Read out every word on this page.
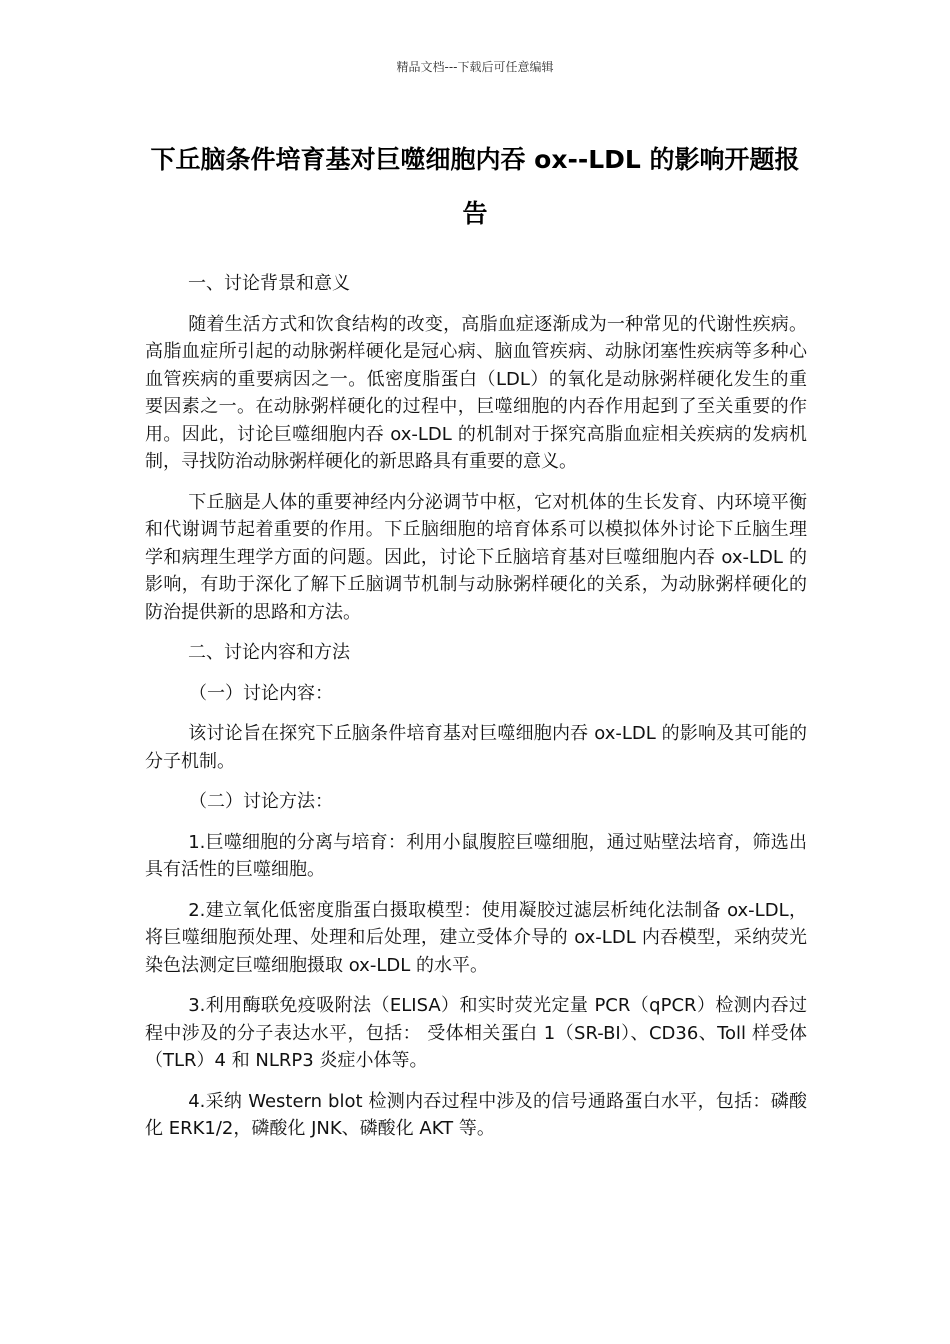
精品文档---下载后可任意编辑
下丘脑条件培育基对巨噬细胞内吞 ox--LDL 的影响开题报告
一、讨论背景和意义

随着生活方式和饮食结构的改变，高脂血症逐渐成为一种常见的代谢性疾病。高脂血症所引起的动脉粥样硬化是冠心病、脑血管疾病、动脉闭塞性疾病等多种心血管疾病的重要病因之一。低密度脂蛋白（LDL）的氧化是动脉粥样硬化发生的重要因素之一。在动脉粥样硬化的过程中，巨噬细胞的内吞作用起到了至关重要的作用。因此，讨论巨噬细胞内吞 ox-LDL 的机制对于探究高脂血症相关疾病的发病机制，寻找防治动脉粥样硬化的新思路具有重要的意义。

下丘脑是人体的重要神经内分泌调节中枢，它对机体的生长发育、内环境平衡和代谢调节起着重要的作用。下丘脑细胞的培育体系可以模拟体外讨论下丘脑生理学和病理生理学方面的问题。因此，讨论下丘脑培育基对巨噬细胞内吞 ox-LDL 的影响，有助于深化了解下丘脑调节机制与动脉粥样硬化的关系，为动脉粥样硬化的防治提供新的思路和方法。

二、讨论内容和方法
（一）讨论内容：

该讨论旨在探究下丘脑条件培育基对巨噬细胞内吞 ox-LDL 的影响及其可能的分子机制。

（二）讨论方法：

1.巨噬细胞的分离与培育：利用小鼠腹腔巨噬细胞，通过贴壁法培育，筛选出具有活性的巨噬细胞。

2.建立氧化低密度脂蛋白摄取模型：使用凝胶过滤层析纯化法制备 ox-LDL，将巨噬细胞预处理、处理和后处理，建立受体介导的 ox-LDL 内吞模型，采纳荧光染色法测定巨噬细胞摄取 ox-LDL 的水平。

3.利用酶联免疫吸附法（ELISA）和实时荧光定量 PCR（qPCR）检测内吞过程中涉及的分子表达水平，包括： 受体相关蛋白 1（SR-BI）、CD36、Toll 样受体（TLR）4 和 NLRP3 炎症小体等。

4.采纳 Western blot 检测内吞过程中涉及的信号通路蛋白水平，包括：磷酸化 ERK1/2，磷酸化 JNK、磷酸化 AKT 等。
